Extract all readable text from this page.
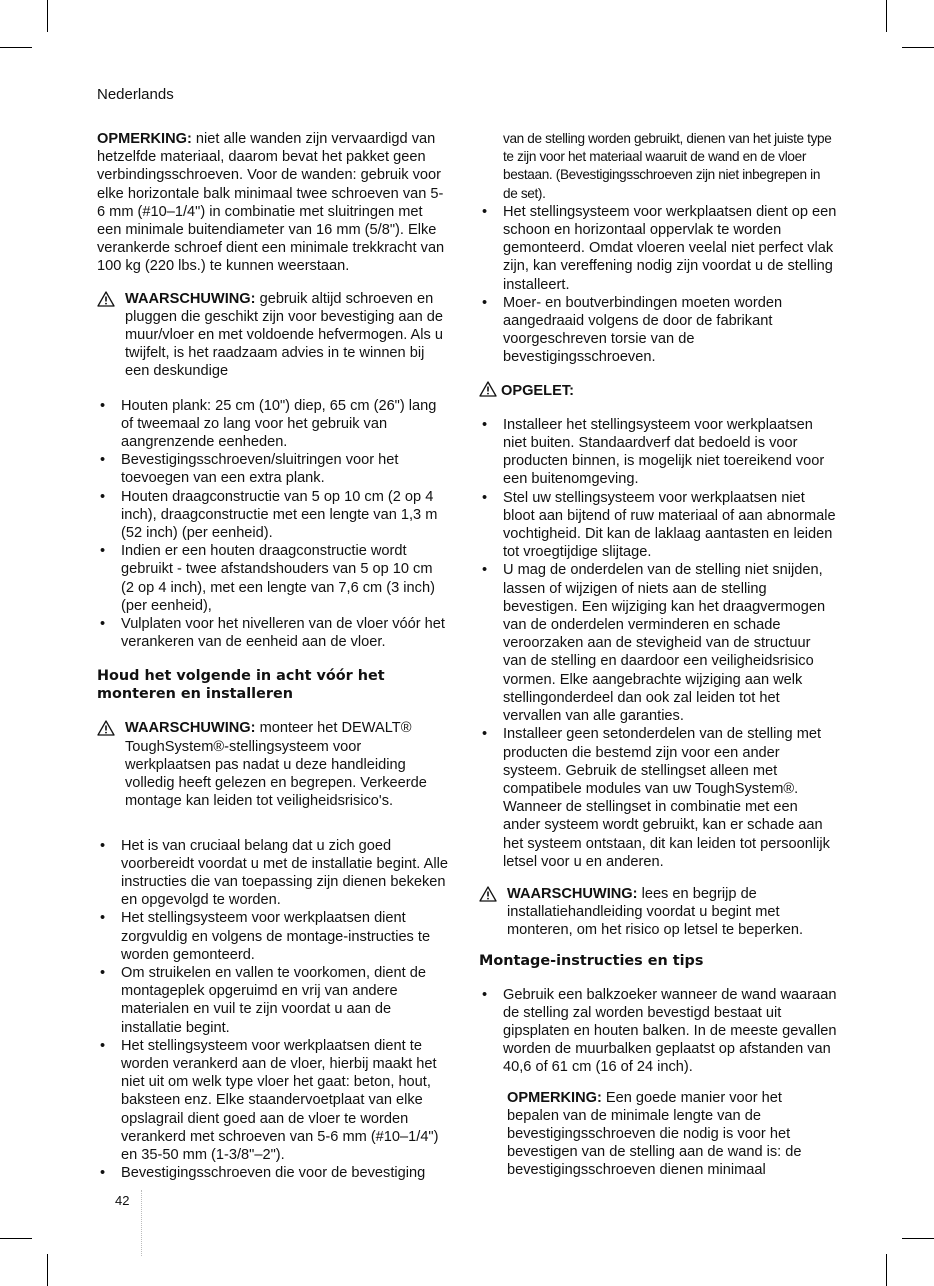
Nederlands

OPMERKING: niet alle wanden zijn vervaardigd van hetzelfde materiaal, daarom bevat het pakket geen verbindingsschroeven. Voor de wanden: gebruik voor elke horizontale balk minimaal twee schroeven van 5-6 mm (#10–1/4") in combinatie met sluitringen met een minimale buitendiameter van 16 mm (5/8"). Elke verankerde schroef dient een minimale trekkracht van 100 kg (220 lbs.) te kunnen weerstaan.

WAARSCHUWING: gebruik altijd schroeven en pluggen die geschikt zijn voor bevestiging aan de muur/vloer en met voldoende hefvermogen. Als u twijfelt, is het raadzaam advies in te winnen bij een deskundige
• Houten plank: 25 cm (10") diep, 65 cm (26") lang of tweemaal zo lang voor het gebruik van aangrenzende eenheden.
• Bevestigingsschroeven/sluitringen voor het toevoegen van een extra plank.
• Houten draagconstructie van 5 op 10 cm (2 op 4 inch), draagconstructie met een lengte van 1,3 m (52 inch) (per eenheid).
• Indien er een houten draagconstructie wordt gebruikt - twee afstandshouders van 5 op 10 cm (2 op 4 inch), met een lengte van 7,6 cm (3 inch) (per eenheid),
• Vulplaten voor het nivelleren van de vloer vóór het verankeren van de eenheid aan de vloer.

Houd het volgende in acht vóór het monteren en installeren

WAARSCHUWING: monteer het DEWALT® ToughSystem®-stellingsysteem voor werkplaatsen pas nadat u deze handleiding volledig heeft gelezen en begrepen. Verkeerde montage kan leiden tot veiligheidsrisico's.
• Het is van cruciaal belang dat u zich goed voorbereidt voordat u met de installatie begint. Alle instructies die van toepassing zijn dienen bekeken en opgevolgd te worden.
• Het stellingsysteem voor werkplaatsen dient zorgvuldig en volgens de montage-instructies te worden gemonteerd.
• Om struikelen en vallen te voorkomen, dient de montageplek opgeruimd en vrij van andere materialen en vuil te zijn voordat u aan de installatie begint.
• Het stellingsysteem voor werkplaatsen dient te worden verankerd aan de vloer, hierbij maakt het niet uit om welk type vloer het gaat: beton, hout, baksteen enz. Elke staandervoetplaat van elke opslagrail dient goed aan de vloer te worden verankerd met schroeven van 5-6 mm (#10–1/4") en 35-50 mm (1-3/8"–2").
• Bevestigingsschroeven die voor de bevestiging

van de stelling worden gebruikt, dienen van het juiste type te zijn voor het materiaal waaruit de wand en de vloer bestaan. (Bevestigingsschroeven zijn niet inbegrepen in de set).

• Het stellingsysteem voor werkplaatsen dient op een schoon en horizontaal oppervlak te worden gemonteerd. Omdat vloeren veelal niet perfect vlak zijn, kan vereffening nodig zijn voordat u de stelling installeert.
• Moer- en boutverbindingen moeten worden aangedraaid volgens de door de fabrikant voorgeschreven torsie van de bevestigingsschroeven.

OPGELET:

• Installeer het stellingsysteem voor werkplaatsen niet buiten. Standaardverf dat bedoeld is voor producten binnen, is mogelijk niet toereikend voor een buitenomgeving.
• Stel uw stellingsysteem voor werkplaatsen niet bloot aan bijtend of ruw materiaal of aan abnormale vochtigheid. Dit kan de laklaag aantasten en leiden tot vroegtijdige slijtage.
• U mag de onderdelen van de stelling niet snijden, lassen of wijzigen of niets aan de stelling bevestigen. Een wijziging kan het draagvermogen van de onderdelen verminderen en schade veroorzaken aan de stevigheid van de structuur van de stelling en daardoor een veiligheidsrisico vormen. Elke aangebrachte wijziging aan welk stellingonderdeel dan ook zal leiden tot het vervallen van alle garanties.
• Installeer geen setonderdelen van de stelling met producten die bestemd zijn voor een ander systeem. Gebruik de stellingset alleen met compatibele modules van uw ToughSystem®. Wanneer de stellingset in combinatie met een ander systeem wordt gebruikt, kan er schade aan het systeem ontstaan, dit kan leiden tot persoonlijk letsel voor u en anderen.
WAARSCHUWING: lees en begrijp de installatiehandleiding voordat u begint met monteren, om het risico op letsel te beperken.

Montage-instructies en tips

• Gebruik een balkzoeker wanneer de wand waaraan de stelling zal worden bevestigd bestaat uit gipsplaten en houten balken. In de meeste gevallen worden de muurbalken geplaatst op afstanden van 40,6 of 61 cm (16 of 24 inch).

OPMERKING: Een goede manier voor het bepalen van de minimale lengte van de bevestigingsschroeven die nodig is voor het bevestigen van de stelling aan de wand is: de bevestigingsschroeven dienen minimaal

42
